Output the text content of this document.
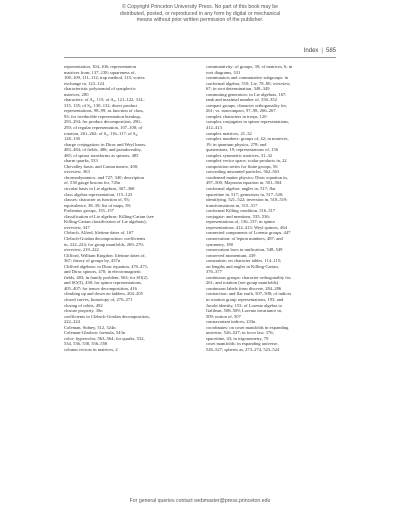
© Copyright Princeton University Press. No part of this book may be
distributed, posted, or reproduced in any form by digital or mechanical
means without prior written permission of the publisher.
Index | 585
representation, 104–106; representation
matrices from, 137–138; squareness of,
108–109, 111–112; trap method, 113; vortex
exchange in, 123–124
characteristic polynomial of symplectic
matrices, 280
characters: of A₄, 115; of A₅, 121–122, 314–
315, 135; of S₃, 130–132; direct product
representations, 98–99; as function of class,
93; for irreducible representation breakup,
293–294; for product decomposition, 290–
293; of regular representation, 107–108; of
rotation, 261–262; of S₃, 116–117; of S₄,
128–130
charge conjugation: in Dirac and Weyl bases,
483–484; of fields, 486; and pseudoreality,
485; of spinor transforms as spinors, 485
charm quarks, 533
Chevalley basis: and Cartan matrix, 400;
overview, 363
chromodynamics: and 727; 340; description
of, 530 gauge bosons for, 745n
circular basis in Lie algebras, 367–368
class algebra representation, 115–123
classes: character as function of, 93;
equivalence, 38–39; list of maps, 39;
Frobenius groups, 155–157
classification of Lie algebras: Killing-Cartan (see
Killing-Cartan classification of Lie algebras);
overview, 347
Clebsch, Alfred, lifetime dates of, 167
Clebsch-Gordan decomposition: coefficients
in, 222–224; for group manifolds, 269–270;
overview, 219–222
Clifford, William Kingdon: lifetime dates of,
367; theory of groups by, 437n
Clifford algebras: in Dirac equation, 470–471;
and Dirac spinors, 470; in electromagnetic
fields, 483; in family problem, 563; for SO(2)
and SO(3), 438; for spinor representations,
405–407; for tensor decomposition, 416
climbing up and down on ladders, 204–205
closed curves, homotopy of, 270–271
closing of orbits, 492
closure property, 30n
coefficients in Clebsch-Gordan decomposition,
222–224
Coleman, Sidney, 312, 324n
Coleman-Glashow formula, 543n
color: hypercolor, 563–564; for quarks, 532,
534, 536, 538, 556–558
column vectors in matrices, 2
commutativity: of groups, 39; of matrices, 6; in
root diagrams, 331
commutators and commutative subgroups: in
conformal algebra, 510; Lie, 78–80; overview,
67; in root determination, 348–349
commuting generators: in Lie algebras, 167;
rank and maximal number of, 350–352
compact groups: character orthogonality for,
261; vs. noncompact, 97–98, 266–267
complex characters in irreps, 120
complex conjugates in spinor representations,
412–413
complex matrices, 21–32
complex numbers: groups of, 42; in matrices,
19; in quantum physics, 278; and
quaternions, 19; representations of, 156
complex symmetric matrices, 31–32
complex vector space; scalar products in, 22
composition series for finite groups, 56
concealing unwanted particles, 562–563
condensed matter physics: Dirac equation in,
497–500; Majorana equation in, 501–504
conformal algebra: angles in, 517; flat
spacetime in, 517; generators in, 517–520;
identifying, 521–522; inversion in, 518–519;
transformations in, 515–517
conformal Killing condition, 516–517
conjugate: and mentions, 535–536;
representations of, 136–137; in spinor
representations, 412–413; Weyl spinors, 464
connected components of Lorentz groups, 447
conservation: of lepton numbers, 487; and
symmetry, 180
conservation laws in unification, 548–549
conserved momentum, 439
constraints: on character tables, 114–115;
on lengths and angles in Killing-Cartan,
376–377
continuous groups: character orthogonality for,
261; and rotation (see group manifolds)
continuous labels from discrete, 284–286
contraction: and flat earth, 507–508; of indices
in rotation group representations, 193; and
Jacobi identity, 153; of Lorentz algebra to
Galilean, 508–509; Lorentz invariance in,
509; notion of, 507
contravariant indices, 233n
coordinates: on coset manifolds in expanding
universe, 526–527; in force law, 376;
spacetime, 43; in trigonometry, 79
coset manifolds: in expanding universe,
526–527; spheres as, 273–274, 523–524
For general queries contact webmaster@press.princeton.edu
